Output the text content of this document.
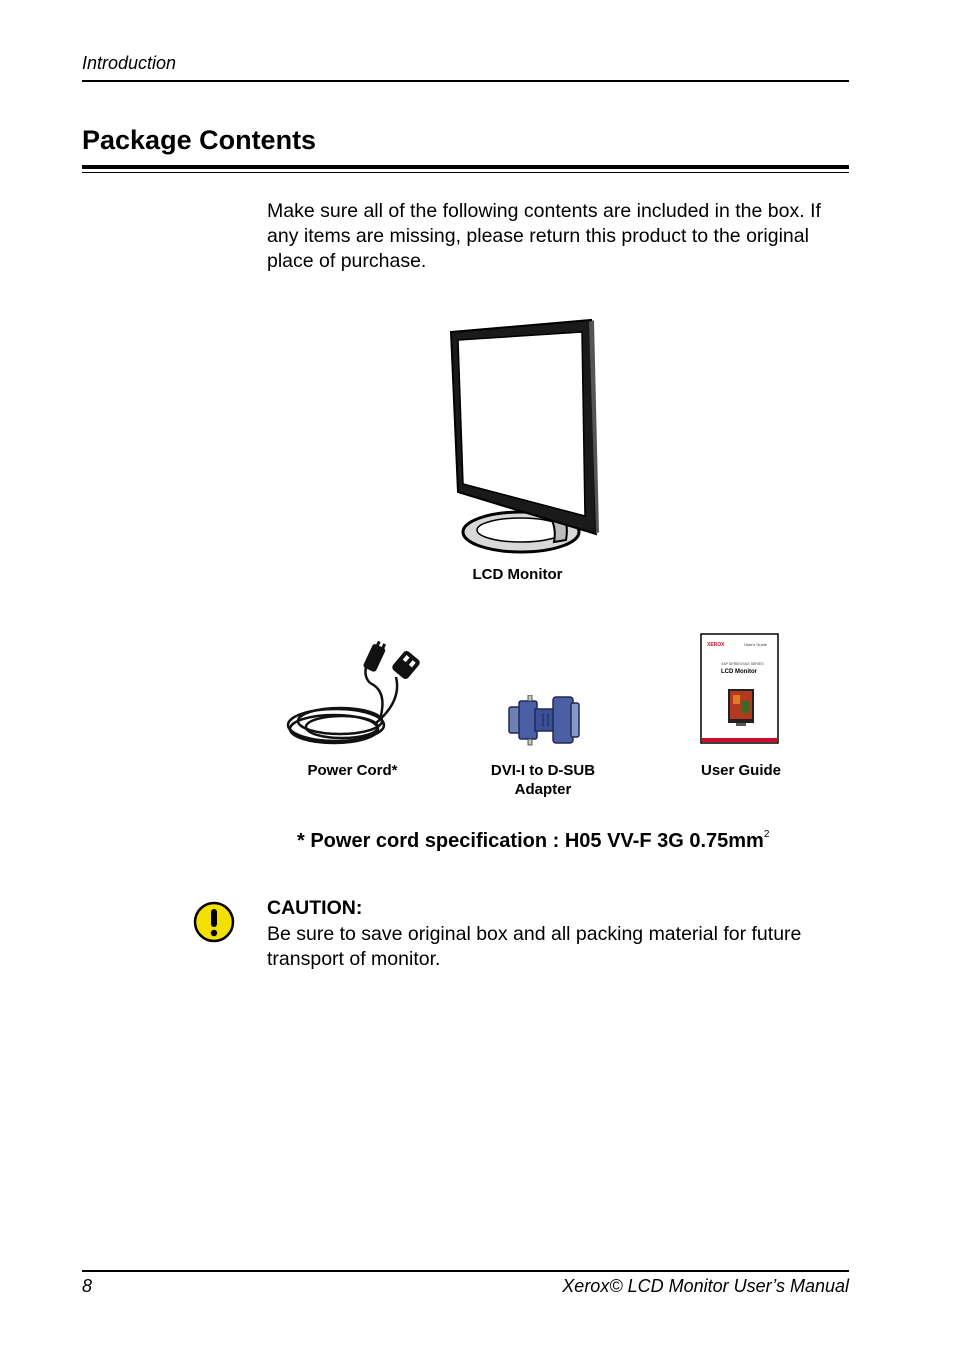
Introduction
Package Contents

Make sure all of the following contents are included in the box. If any items are missing, please return this product to the original place of purchase.

LCD Monitor
Power Cord*	DVI-I to D-SUB Adapter
XEROX	User's Guide
XAP SERIES/XAS SERIES
LCD Monitor
User Guide
* Power cord specification : H05 VV-F 3G $0.75mm^2$
CAUTION:

Be sure to save original box and all packing material for future transport of monitor.

8	Xerox© LCD Monitor User’s Manual
